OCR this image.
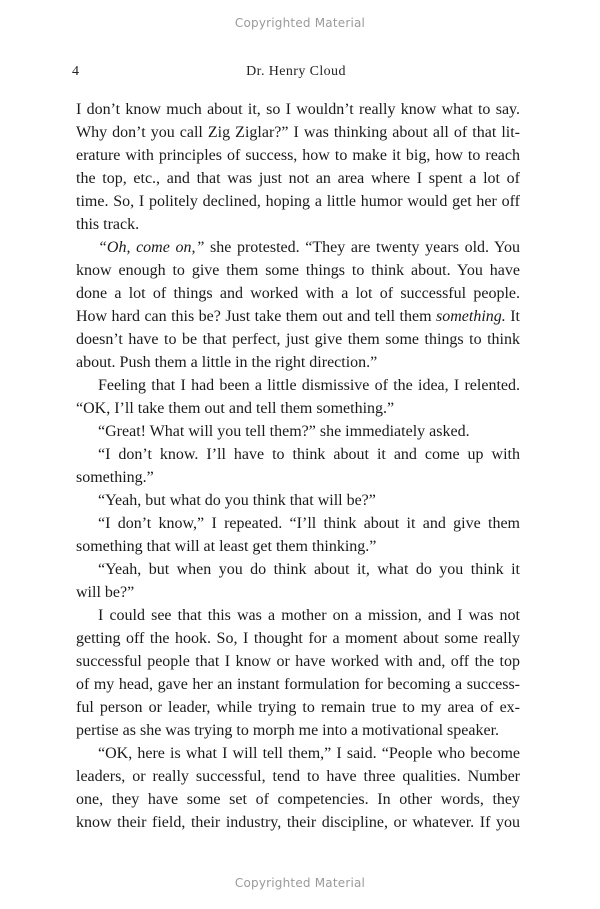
Copyrighted Material
4	Dr. Henry Cloud
I don’t know much about it, so I wouldn’t really know what to say.
Why don’t you call Zig Ziglar?” I was thinking about all of that lit-
erature with principles of success, how to make it big, how to reach
the top, etc., and that was just not an area where I spent a lot of
time. So, I politely declined, hoping a little humor would get her off
this track.
“Oh, come on,” she protested. “They are twenty years old. You
know enough to give them some things to think about. You have
done a lot of things and worked with a lot of successful people.
How hard can this be? Just take them out and tell them something. It
doesn’t have to be that perfect, just give them some things to think
about. Push them a little in the right direction.”
Feeling that I had been a little dismissive of the idea, I relented.
“OK, I’ll take them out and tell them something.”
“Great! What will you tell them?” she immediately asked.
“I don’t know. I’ll have to think about it and come up with
something.”
“Yeah, but what do you think that will be?”
“I don’t know,” I repeated. “I’ll think about it and give them
something that will at least get them thinking.”
“Yeah, but when you do think about it, what do you think it
will be?”
I could see that this was a mother on a mission, and I was not
getting off the hook. So, I thought for a moment about some really
successful people that I know or have worked with and, off the top
of my head, gave her an instant formulation for becoming a success-
ful person or leader, while trying to remain true to my area of ex-
pertise as she was trying to morph me into a motivational speaker.
“OK, here is what I will tell them,” I said. “People who become
leaders, or really successful, tend to have three qualities. Number
one, they have some set of competencies. In other words, they
know their field, their industry, their discipline, or whatever. If you
Copyrighted Material
